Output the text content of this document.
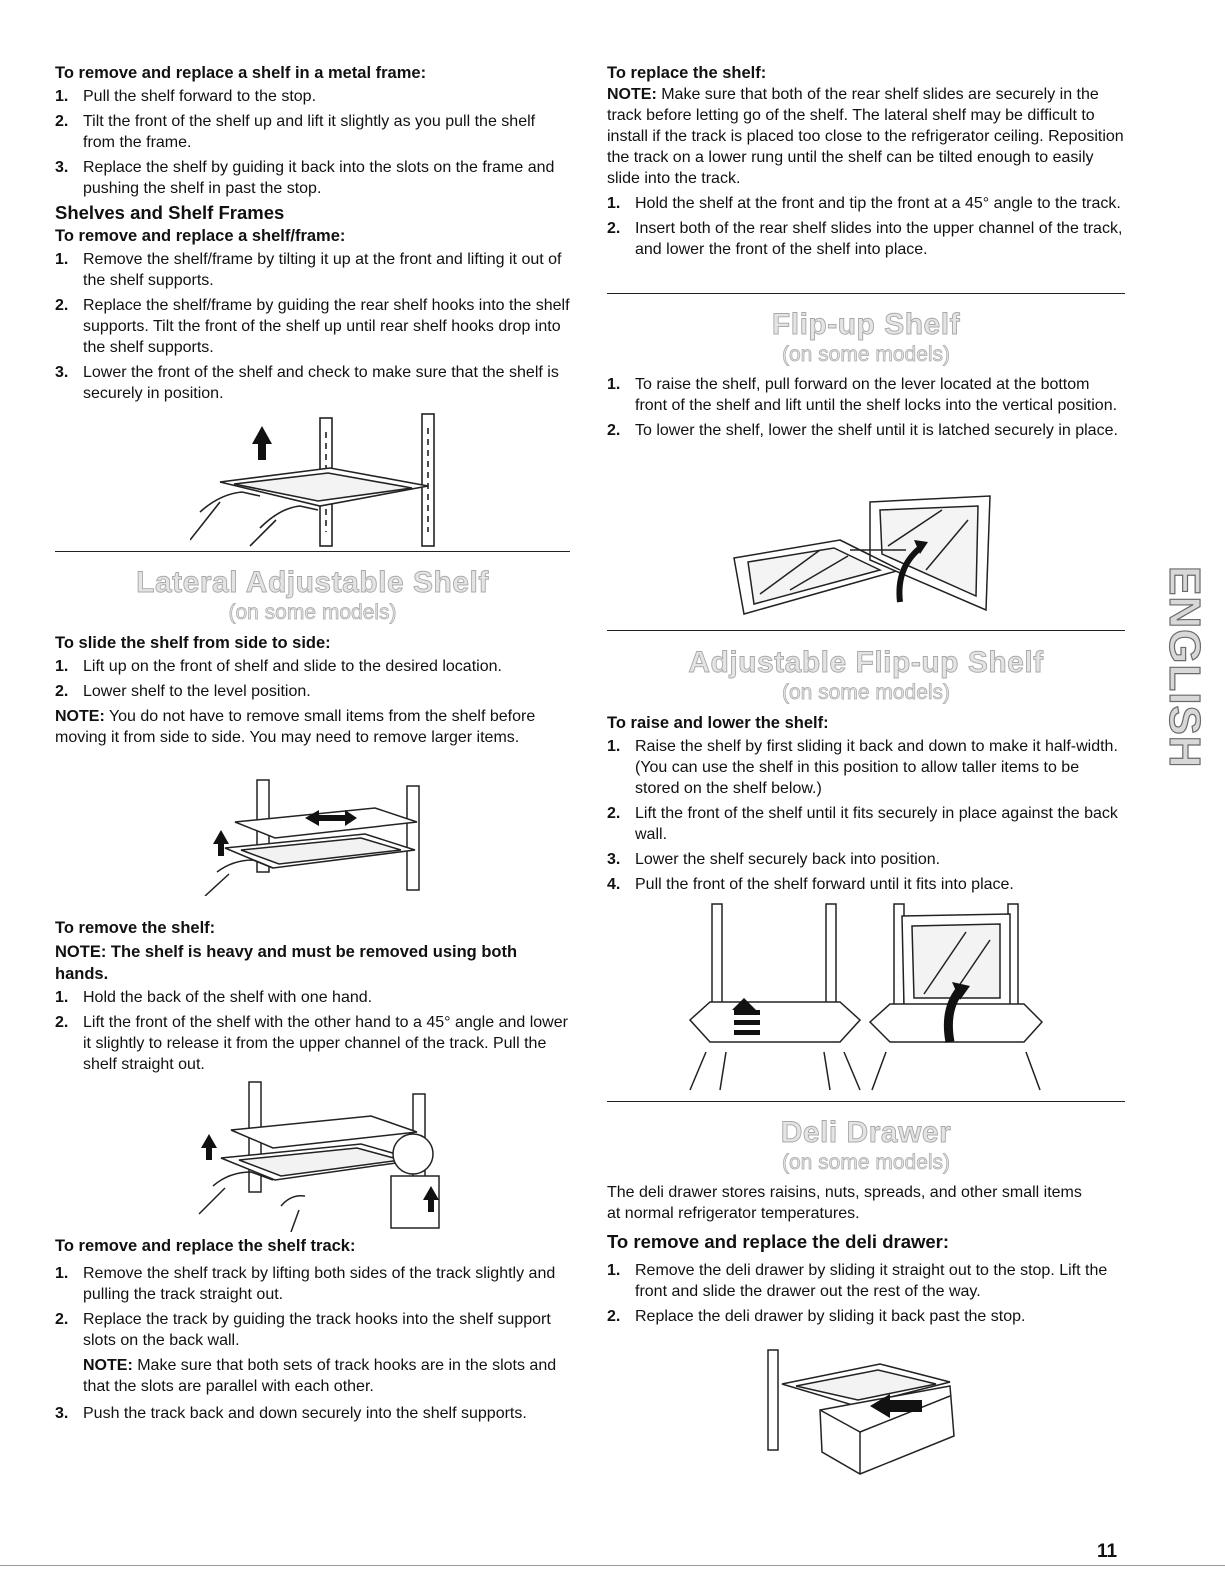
To remove and replace a shelf in a metal frame:

1. Pull the shelf forward to the stop.
2. Tilt the front of the shelf up and lift it slightly as you pull the shelf from the frame.
3. Replace the shelf by guiding it back into the slots on the frame and pushing the shelf in past the stop.

Shelves and Shelf Frames

To remove and replace a shelf/frame:

1. Remove the shelf/frame by tilting it up at the front and lifting it out of the shelf supports.
2. Replace the shelf/frame by guiding the rear shelf hooks into the shelf supports. Tilt the front of the shelf up until rear shelf hooks drop into the shelf supports.
3. Lower the front of the shelf and check to make sure that the shelf is securely in position.

Lateral Adjustable Shelf

(on some models)

To slide the shelf from side to side:

1. Lift up on the front of shelf and slide to the desired location.
2. Lower shelf to the level position.

NOTE: You do not have to remove small items from the shelf before moving it from side to side. You may need to remove larger items.

To remove the shelf:

NOTE: The shelf is heavy and must be removed using both hands.

1. Hold the back of the shelf with one hand.
2. Lift the front of the shelf with the other hand to a 45° angle and lower it slightly to release it from the upper channel of the track. Pull the shelf straight out.

To remove and replace the shelf track:

1. Remove the shelf track by lifting both sides of the track slightly and pulling the track straight out.
2. Replace the track by guiding the track hooks into the shelf support slots on the back wall.

NOTE: Make sure that both sets of track hooks are in the slots and that the slots are parallel with each other.

3. Push the track back and down securely into the shelf supports.

To replace the shelf:

NOTE: Make sure that both of the rear shelf slides are securely in the track before letting go of the shelf. The lateral shelf may be difficult to install if the track is placed too close to the refrigerator ceiling. Reposition the track on a lower rung until the shelf can be tilted enough to easily slide into the track.

1. Hold the shelf at the front and tip the front at a 45° angle to the track.
2. Insert both of the rear shelf slides into the upper channel of the track, and lower the front of the shelf into place.

Flip-up Shelf

(on some models)

1. To raise the shelf, pull forward on the lever located at the bottom front of the shelf and lift until the shelf locks into the vertical position.
2. To lower the shelf, lower the shelf until it is latched securely in place.

Adjustable Flip-up Shelf

(on some models)

To raise and lower the shelf:

1. Raise the shelf by first sliding it back and down to make it half-width. (You can use the shelf in this position to allow taller items to be stored on the shelf below.)
2. Lift the front of the shelf until it fits securely in place against the back wall.
3. Lower the shelf securely back into position.
4. Pull the front of the shelf forward until it fits into place.

Deli Drawer

(on some models)

The deli drawer stores raisins, nuts, spreads, and other small items at normal refrigerator temperatures.

To remove and replace the deli drawer:

1. Remove the deli drawer by sliding it straight out to the stop. Lift the front and slide the drawer out the rest of the way.
2. Replace the deli drawer by sliding it back past the stop.
ENGLISH
11
